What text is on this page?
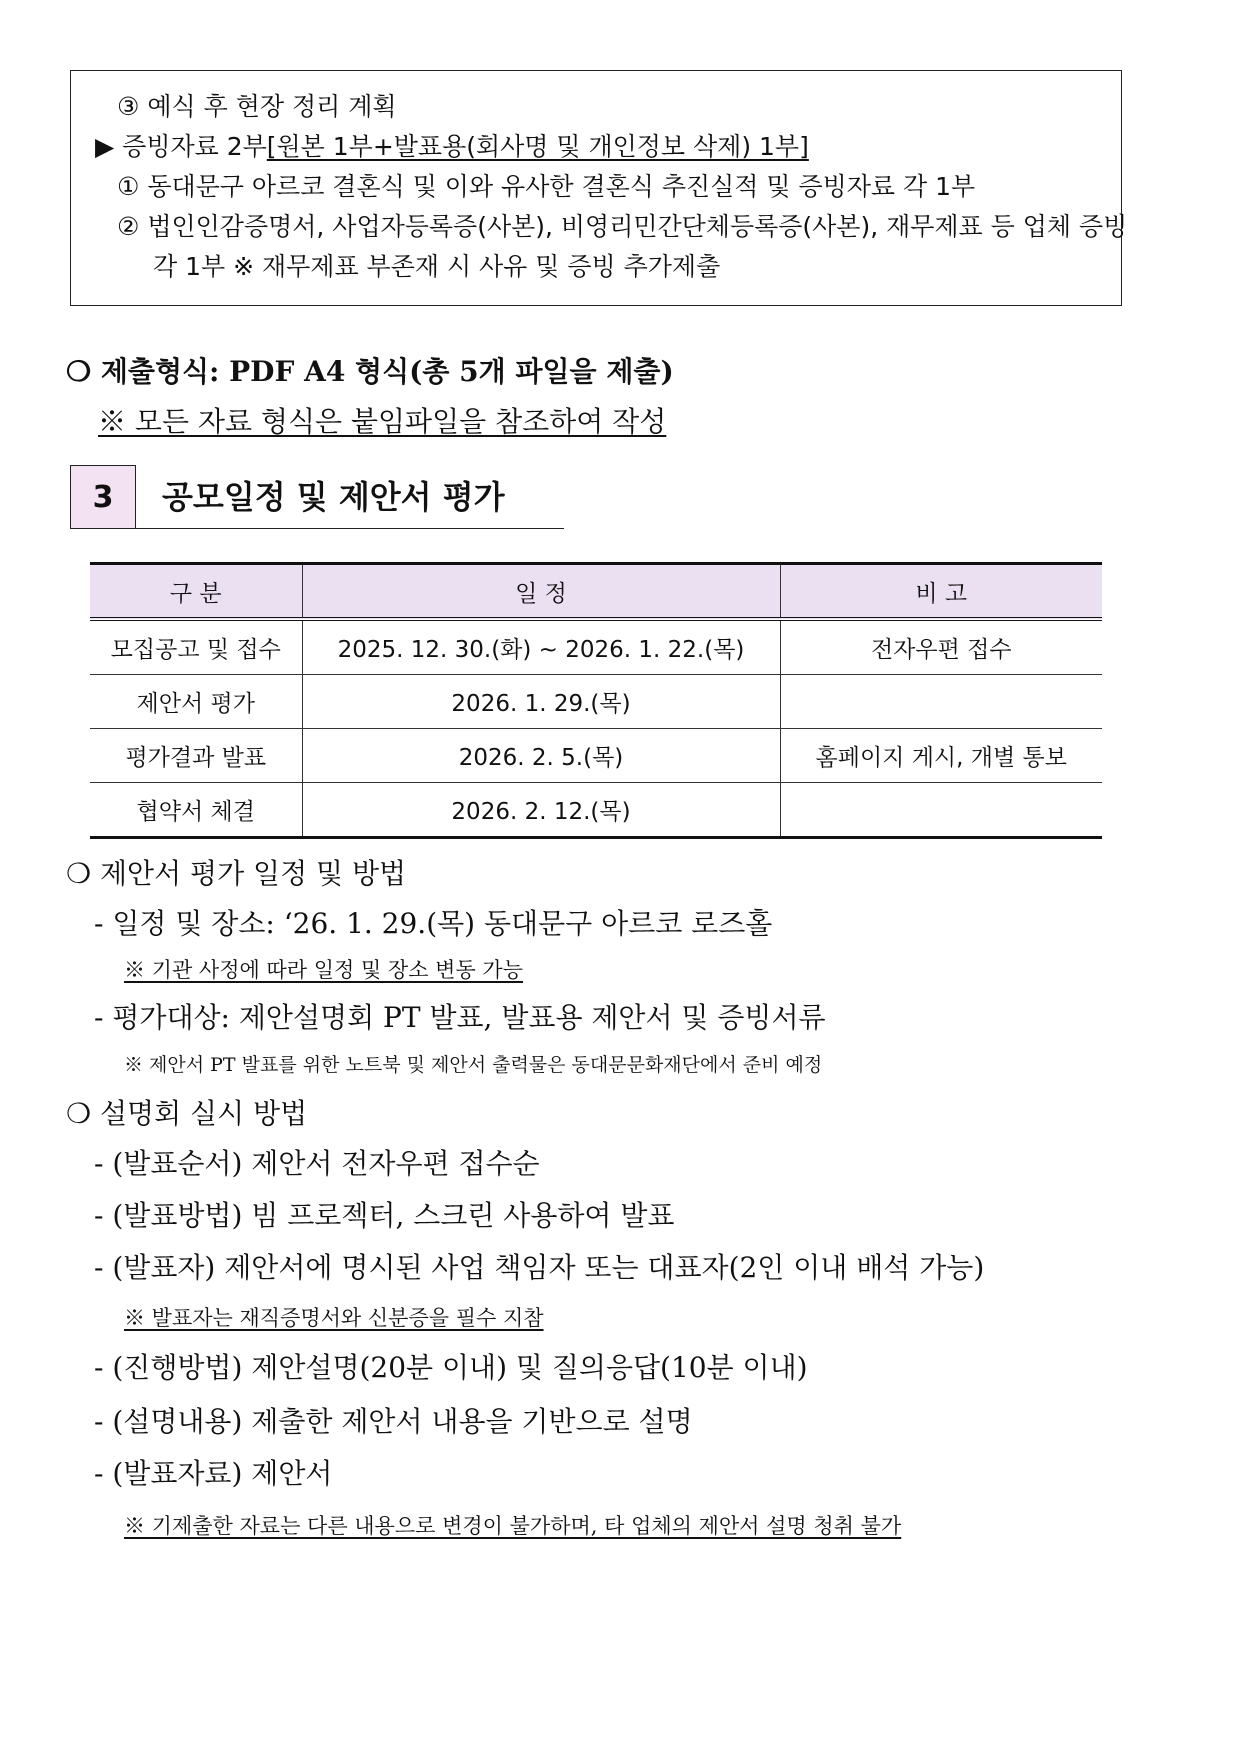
③ 예식 후 현장 정리 계획
▶ 증빙자료 2부[원본 1부+발표용(회사명 및 개인정보 삭제) 1부]
① 동대문구 아르코 결혼식 및 이와 유사한 결혼식 추진실적 및 증빙자료 각 1부
② 법인인감증명서, 사업자등록증(사본), 비영리민간단체등록증(사본), 재무제표 등 업체 증빙
각 1부 ※ 재무제표 부존재 시 사유 및 증빙 추가제출
❍ 제출형식: PDF A4 형식(총 5개 파일을 제출)
※ 모든 자료 형식은 붙임파일을 참조하여 작성
3	공모일정 및 제안서 평가
구 분	일 정	비 고
모집공고 및 접수	2025. 12. 30.(화) ~ 2026. 1. 22.(목)	전자우편 접수
제안서 평가	2026. 1. 29.(목)	
평가결과 발표	2026. 2. 5.(목)	홈페이지 게시, 개별 통보
협약서 체결	2026. 2. 12.(목)	
❍ 제안서 평가 일정 및 방법
- 일정 및 장소: ‘26. 1. 29.(목) 동대문구 아르코 로즈홀
※ 기관 사정에 따라 일정 및 장소 변동 가능
- 평가대상: 제안설명회 PT 발표, 발표용 제안서 및 증빙서류
※ 제안서 PT 발표를 위한 노트북 및 제안서 출력물은 동대문문화재단에서 준비 예정
❍ 설명회 실시 방법
- (발표순서) 제안서 전자우편 접수순
- (발표방법) 빔 프로젝터, 스크린 사용하여 발표
- (발표자) 제안서에 명시된 사업 책임자 또는 대표자(2인 이내 배석 가능)
※ 발표자는 재직증명서와 신분증을 필수 지참
- (진행방법) 제안설명(20분 이내) 및 질의응답(10분 이내)
- (설명내용) 제출한 제안서 내용을 기반으로 설명
- (발표자료) 제안서
※ 기제출한 자료는 다른 내용으로 변경이 불가하며, 타 업체의 제안서 설명 청취 불가
